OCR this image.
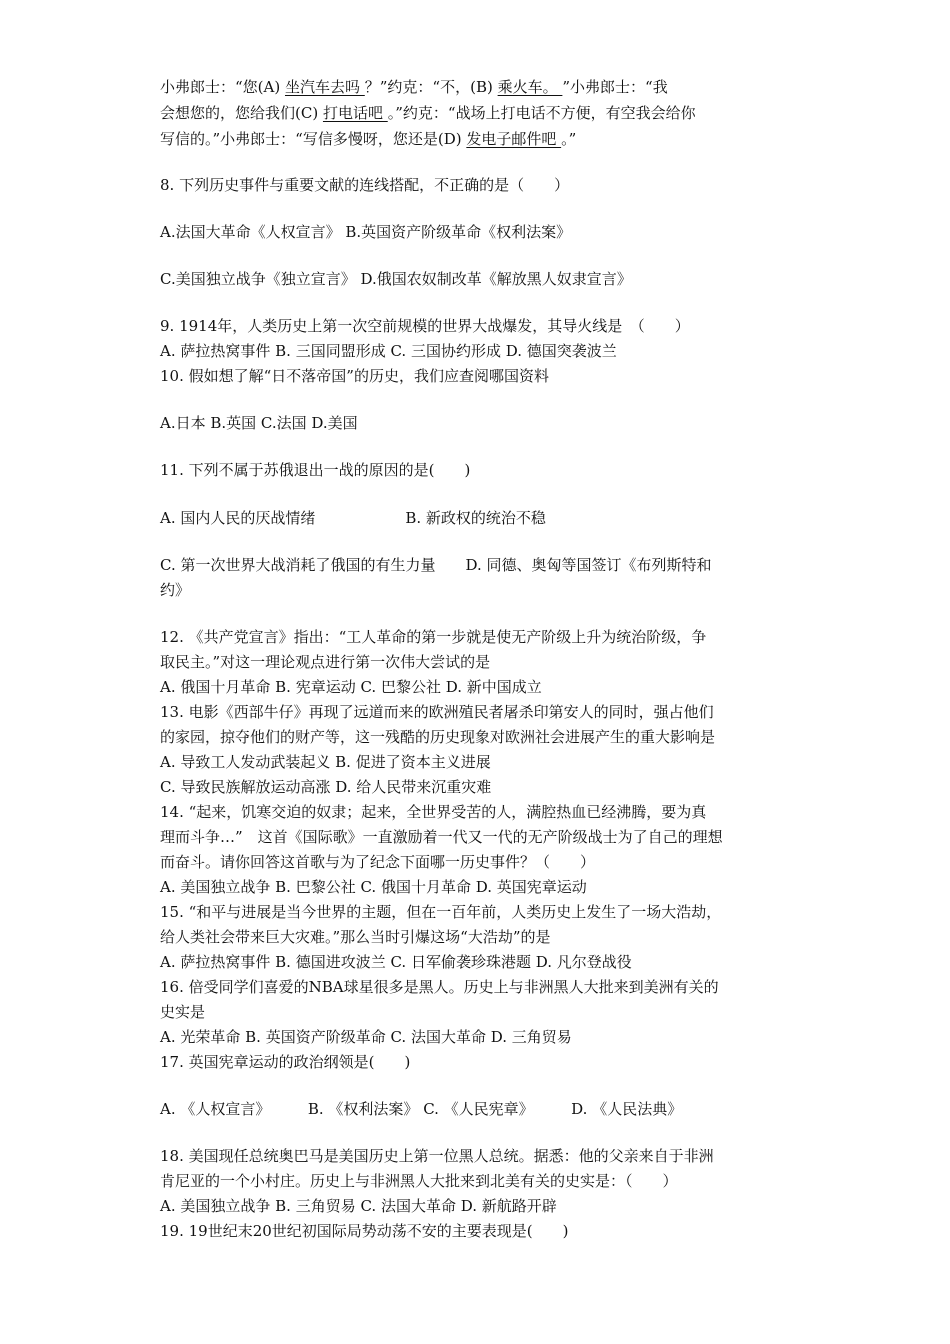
小弗郎士：“您(A) 坐汽车去吗 ？”约克：“不，(B) 乘火车。 ”小弗郎士：“我
会想您的，您给我们(C) 打电话吧 。”约克：“战场上打电话不方便，有空我会给你
写信的。”小弗郎士：“写信多慢呀，您还是(D) 发电子邮件吧 。”
8. 下列历史事件与重要文献的连线搭配，不正确的是（　　）
A.法国大革命《人权宣言》 B.英国资产阶级革命《权利法案》
C.美国独立战争《独立宣言》 D.俄国农奴制改革《解放黑人奴隶宣言》
9. 1914年，人类历史上第一次空前规模的世界大战爆发，其导火线是　（　　）
A. 萨拉热窝事件 B. 三国同盟形成 C. 三国协约形成 D. 德国突袭波兰
10. 假如想了解“日不落帝国”的历史，我们应查阅哪国资料
A.日本 B.英国 C.法国 D.美国
11. 下列不属于苏俄退出一战的原因的是(　　)
A. 国内人民的厌战情绪　　　　　　B. 新政权的统治不稳
C. 第一次世界大战消耗了俄国的有生力量　　D. 同德、奥匈等国签订《布列斯特和
约》
12. 《共产党宣言》指出：“工人革命的第一步就是使无产阶级上升为统治阶级，争
取民主。”对这一理论观点进行第一次伟大尝试的是
A. 俄国十月革命 B. 宪章运动 C. 巴黎公社 D. 新中国成立
13. 电影《西部牛仔》再现了远道而来的欧洲殖民者屠杀印第安人的同时，强占他们
的家园，掠夺他们的财产等，这一残酷的历史现象对欧洲社会进展产生的重大影响是
A. 导致工人发动武装起义 B. 促进了资本主义进展
C. 导致民族解放运动高涨 D. 给人民带来沉重灾难
14. “起来，饥寒交迫的奴隶；起来，全世界受苦的人，满腔热血已经沸腾，要为真
理而斗争…”　这首《国际歌》一直激励着一代又一代的无产阶级战士为了自己的理想
而奋斗。请你回答这首歌与为了纪念下面哪一历史事件？（　　）
A. 美国独立战争 B. 巴黎公社 C. 俄国十月革命 D. 英国宪章运动
15. “和平与进展是当今世界的主题，但在一百年前，人类历史上发生了一场大浩劫，
给人类社会带来巨大灾难。”那么当时引爆这场“大浩劫”的是
A. 萨拉热窝事件 B. 德国进攻波兰 C. 日军偷袭珍珠港题 D. 凡尔登战役
16. 倍受同学们喜爱的NBA球星很多是黑人。历史上与非洲黑人大批来到美洲有关的
史实是
A. 光荣革命 B. 英国资产阶级革命 C. 法国大革命 D. 三角贸易
17. 英国宪章运动的政治纲领是(　　)
A. 《人权宣言》　　　B. 《权利法案》 C. 《人民宪章》　　　D. 《人民法典》
18. 美国现任总统奥巴马是美国历史上第一位黑人总统。据悉：他的父亲来自于非洲
肯尼亚的一个小村庄。历史上与非洲黑人大批来到北美有关的史实是：（　　）
A. 美国独立战争 B. 三角贸易 C. 法国大革命 D. 新航路开辟
19. 19世纪末20世纪初国际局势动荡不安的主要表现是(　　)
